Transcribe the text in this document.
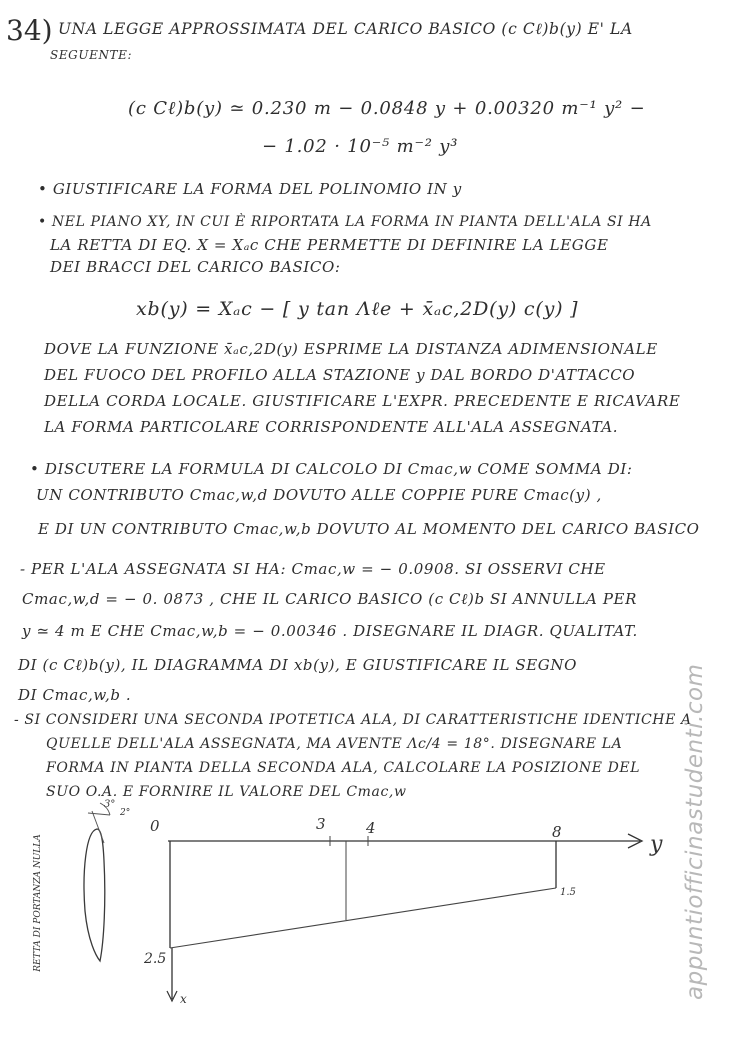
34) UNA LEGGE APPROSSIMATA DEL CARICO BASICO (c Cℓ)b(y) E' LA
SEGUENTE:
(c Cℓ)b(y) ≃ 0.230 m − 0.0848 y + 0.00320 m⁻¹ y² −
− 1.02 · 10⁻⁵ m⁻² y³
• GIUSTIFICARE LA FORMA DEL POLINOMIO IN y
• NEL PIANO XY, IN CUI È RIPORTATA LA FORMA IN PIANTA DELL'ALA SI HA
LA RETTA DI EQ. X = Xₐc CHE PERMETTE DI DEFINIRE LA LEGGE
DEI BRACCI DEL CARICO BASICO:
xb(y) = Xₐc − [ y tan Λℓe + x̄ₐc,2D(y) c(y) ]
DOVE LA FUNZIONE x̄ₐc,2D(y) ESPRIME LA DISTANZA ADIMENSIONALE
DEL FUOCO DEL PROFILO ALLA STAZIONE y DAL BORDO D'ATTACCO
DELLA CORDA LOCALE. GIUSTIFICARE L'EXPR. PRECEDENTE E RICAVARE
LA FORMA PARTICOLARE CORRISPONDENTE ALL'ALA ASSEGNATA.
• DISCUTERE LA FORMULA DI CALCOLO DI Cmac,w COME SOMMA DI:
UN CONTRIBUTO Cmac,w,d DOVUTO ALLE COPPIE PURE Cmac(y) ,
E DI UN CONTRIBUTO Cmac,w,b DOVUTO AL MOMENTO DEL CARICO BASICO
- PER L'ALA ASSEGNATA SI HA: Cmac,w = − 0.0908. SI OSSERVI CHE
Cmac,w,d = − 0. 0873 , CHE IL CARICO BASICO (c Cℓ)b SI ANNULLA PER
y ≃ 4 m E CHE Cmac,w,b = − 0.00346 . DISEGNARE IL DIAGR. QUALITAT.
DI (c Cℓ)b(y), IL DIAGRAMMA DI xb(y), E GIUSTIFICARE IL SEGNO
DI Cmac,w,b .
- SI CONSIDERI UNA SECONDA IPOTETICA ALA, DI CARATTERISTICHE IDENTICHE A
QUELLE DELL'ALA ASSEGNATA, MA AVENTE Λc/4 = 18°. DISEGNARE LA
FORMA IN PIANTA DELLA SECONDA ALA, CALCOLARE LA POSIZIONE DEL
SUO O.A. E FORNIRE IL VALORE DEL Cmac,w
RETTA DI PORTANZA NULLA
3°
2°
y
0	3	4	8
2.5
1.5
x	appuntiofficinastudenti.com
